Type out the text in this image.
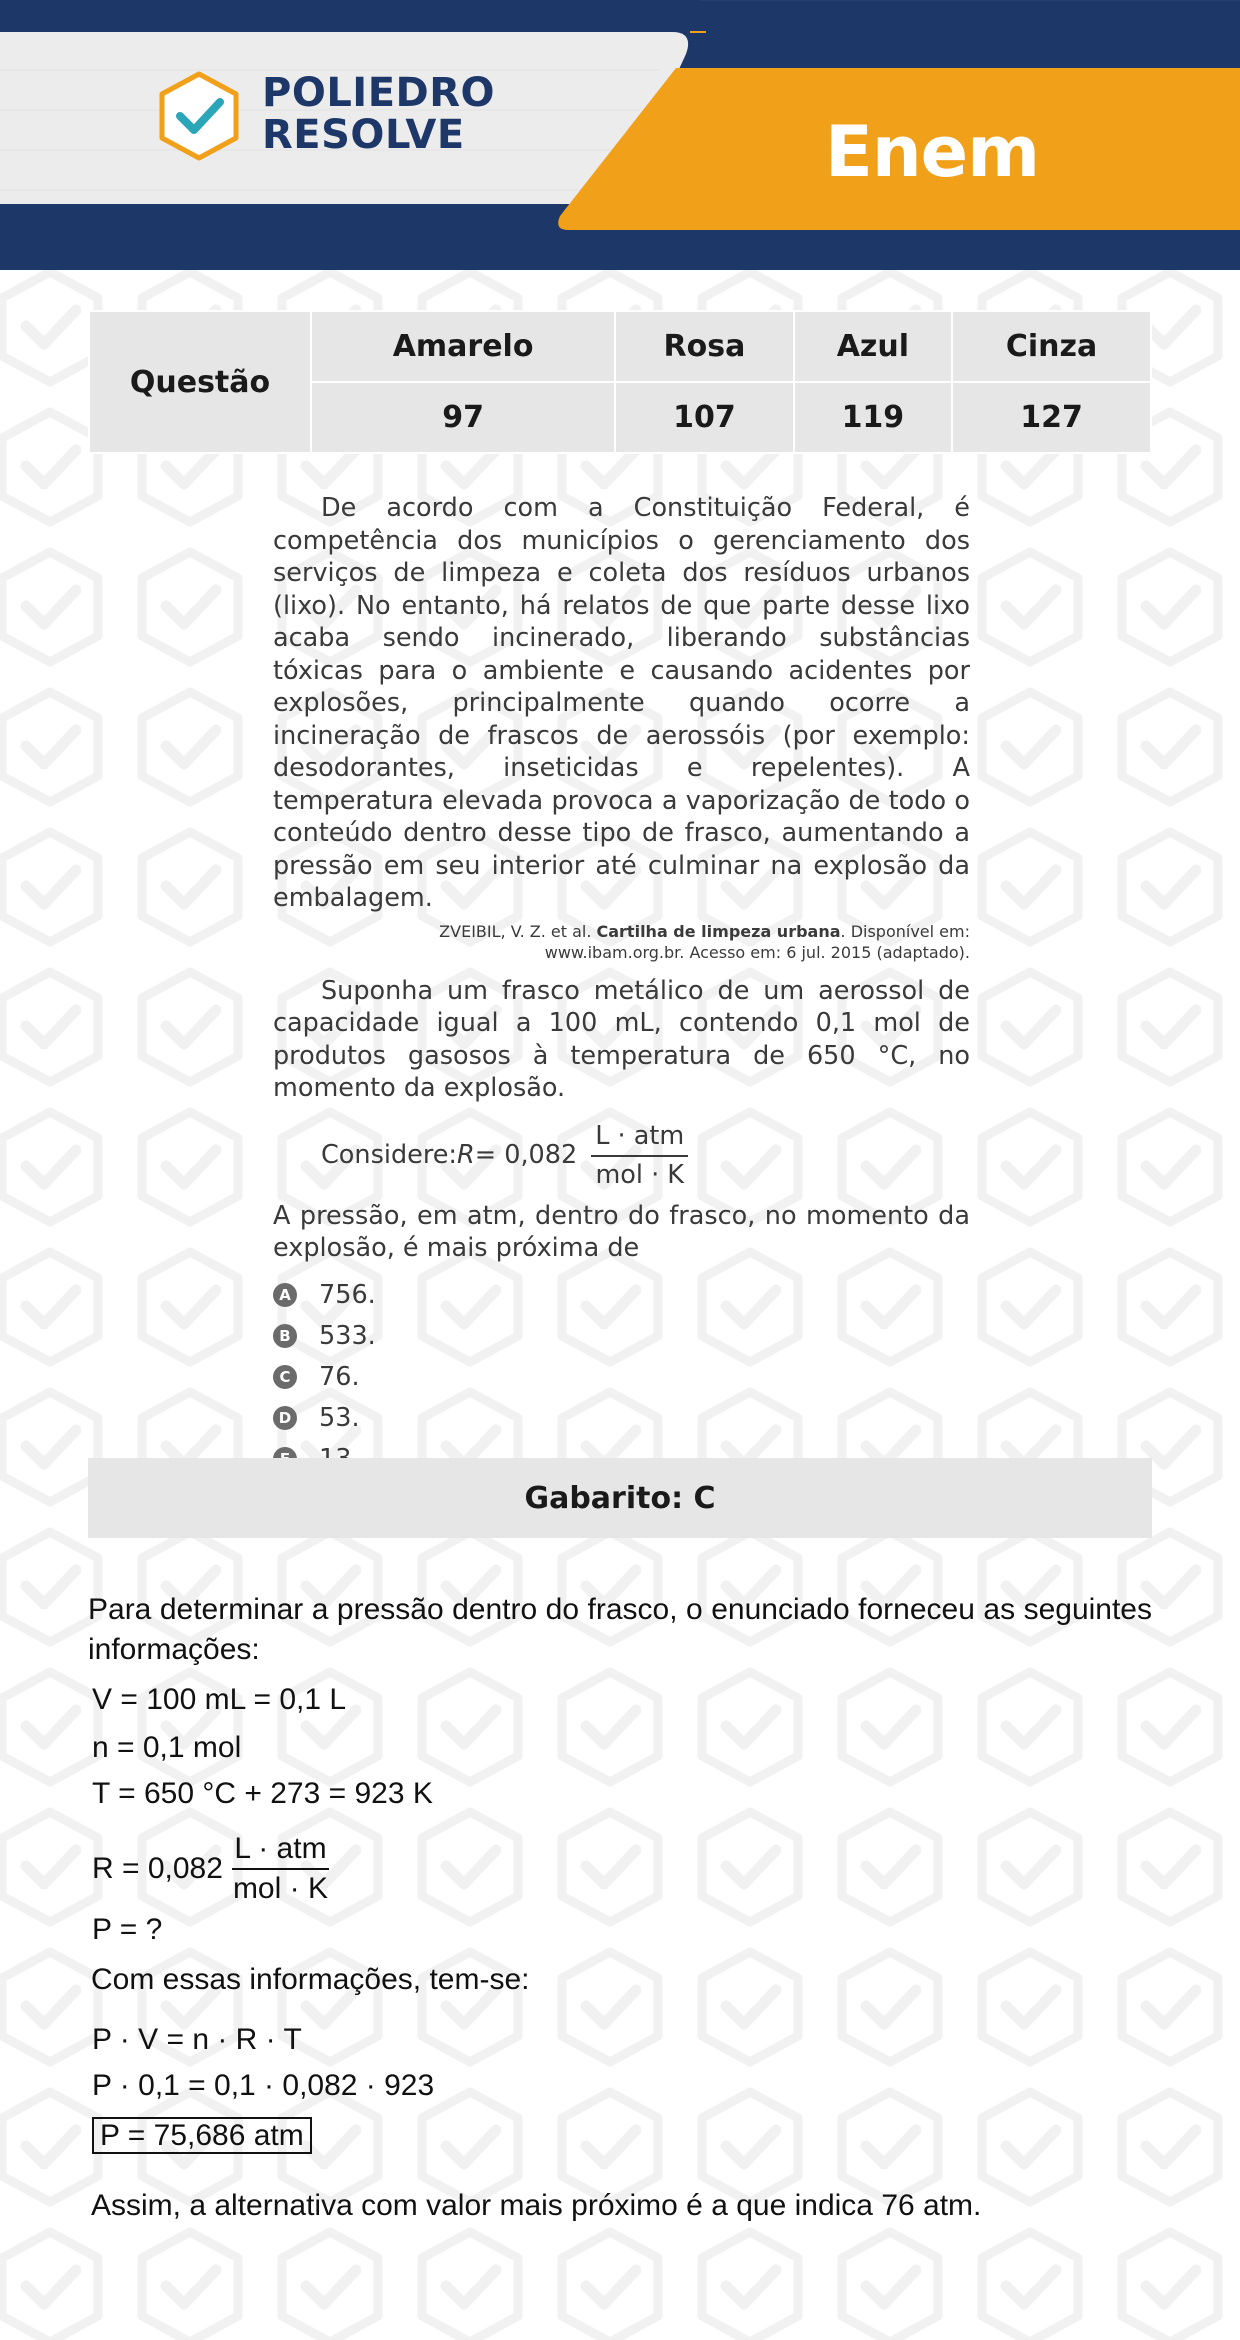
POLIEDRO
RESOLVE	Enem
Questão	Amarelo	Rosa	Azul	Cinza
	97	107	119	127

De acordo com a Constituição Federal, é competência dos municípios o gerenciamento dos serviços de limpeza e coleta dos resíduos urbanos (lixo). No entanto, há relatos de que parte desse lixo acaba sendo incinerado, liberando substâncias tóxicas para o ambiente e causando acidentes por explosões, principalmente quando ocorre a incineração de frascos de aerossóis (por exemplo: desodorantes, inseticidas e repelentes). A temperatura elevada provoca a vaporização de todo o conteúdo dentro desse tipo de frasco, aumentando a pressão em seu interior até culminar na explosão da embalagem.

ZVEIBIL, V. Z. et al. Cartilha de limpeza urbana. Disponível em:
www.ibam.org.br. Acesso em: 6 jul. 2015 (adaptado).

Suponha um frasco metálico de um aerossol de capacidade igual a 100 mL, contendo 0,1 mol de produtos gasosos à temperatura de 650 °C, no momento da explosão.

Considere: $R = 0,082 \frac{\text{L · atm}}{\text{mol · K}}$

A pressão, em atm, dentro do frasco, no momento da explosão, é mais próxima de

A 756.
B 533.
C 76.
D 53.
Gabarito: C

Para determinar a pressão dentro do frasco, o enunciado forneceu as seguintes informações:

V = 100 mL = 0,1 L
n = 0,1 mol
T = 650 °C + 273 = 923 K
$R = 0,082 \frac{\text{L · atm}}{\text{mol · K}}$
P = ?
Com essas informações, tem-se:
P · V = n · R · T
P · 0,1 = 0,1 · 0,082 · 923
P = 75,686 atm
Assim, a alternativa com valor mais próximo é a que indica 76 atm.
